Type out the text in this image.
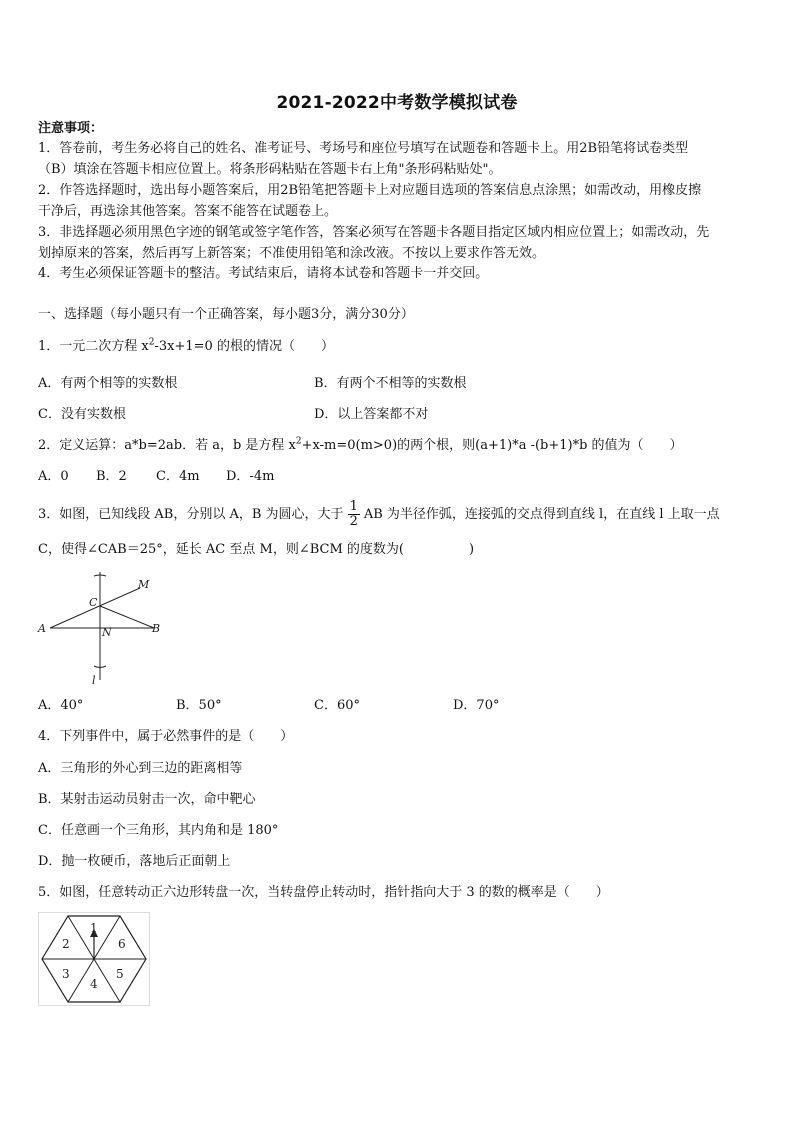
2021-2022中考数学模拟试卷
注意事项：
1．答卷前，考生务必将自己的姓名、准考证号、考场号和座位号填写在试题卷和答题卡上。用2B铅笔将试卷类型
（B）填涂在答题卡相应位置上。将条形码粘贴在答题卡右上角"条形码粘贴处"。
2．作答选择题时，选出每小题答案后，用2B铅笔把答题卡上对应题目选项的答案信息点涂黑；如需改动，用橡皮擦
干净后，再选涂其他答案。答案不能答在试题卷上。
3．非选择题必须用黑色字迹的钢笔或签字笔作答，答案必须写在答题卡各题目指定区域内相应位置上；如需改动，先
划掉原来的答案，然后再写上新答案；不准使用铅笔和涂改液。不按以上要求作答无效。
4．考生必须保证答题卡的整洁。考试结束后，请将本试卷和答题卡一并交回。
一、选择题（每小题只有一个正确答案，每小题3分，满分30分）
1．一元二次方程 $x^2-3x+1=0$ 的根的情况（　　）
A．有两个相等的实数根	B．有两个不相等的实数根
C．没有实数根	D．以上答案都不对
2．定义运算：a*b=2ab．若 a，b 是方程 $x^2+x-m=0(m>0)$的两个根，则(a+1)*a -(b+1)*b 的值为（　　）
A．0 B．2 C．4m D．-4m
3．如图，已知线段 AB，分别以 A，B 为圆心，大于 $\frac{1}{2}$ AB 为半径作弧，连接弧的交点得到直线 l，在直线 l 上取一点
C，使得∠CAB＝25°，延长 AC 至点 M，则∠BCM 的度数为(　　　　　)
A	B
C
M
N
l
A．40°	B．50°	C．60°	D．70°
4．下列事件中，属于必然事件的是（　　）
A．三角形的外心到三边的距离相等
B．某射击运动员射击一次，命中靶心
C．任意画一个三角形，其内角和是 180°
D．抛一枚硬币，落地后正面朝上
5．如图，任意转动正六边形转盘一次，当转盘停止转动时，指针指向大于 3 的数的概率是（　　）
1
2
3
4
5
6
